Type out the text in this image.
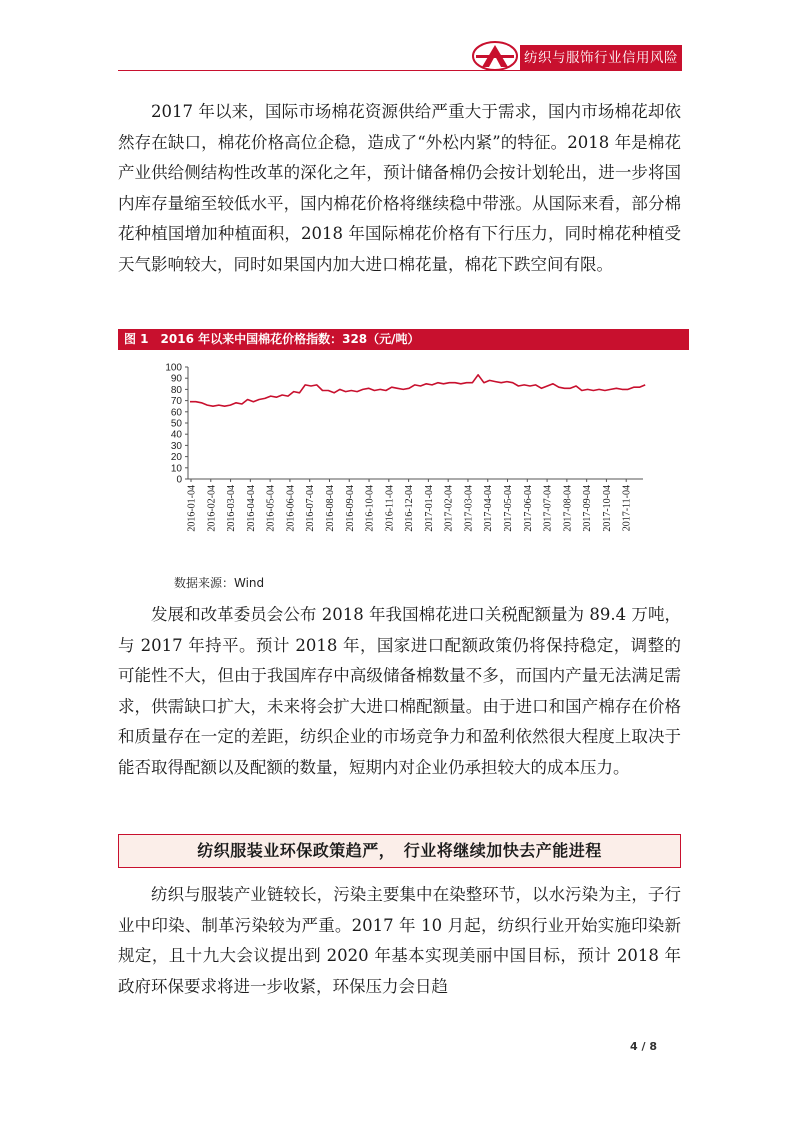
纺织与服饰行业信用风险展望

2017 年以来，国际市场棉花资源供给严重大于需求，国内市场棉花却依然存在缺口，棉花价格高位企稳，造成了“外松内紧”的特征。2018 年是棉花产业供给侧结构性改革的深化之年，预计储备棉仍会按计划轮出，进一步将国内库存量缩至较低水平，国内棉花价格将继续稳中带涨。从国际来看，部分棉花种植国增加种植面积，2018 年国际棉花价格有下行压力，同时棉花种植受天气影响较大，同时如果国内加大进口棉花量，棉花下跌空间有限。

图 1　2016 年以来中国棉花价格指数：328（元/吨）
0
10
20
30
40
50
60
70
80
90
100
2016-01-04 2016-02-04 2016-03-04 2016-04-04 2016-05-04 2016-06-04 2016-07-04 2016-08-04 2016-09-04 2016-10-04 2016-11-04 2016-12-04 2017-01-04 2017-02-04 2017-03-04 2017-04-04 2017-05-04 2017-06-04 2017-07-04 2017-08-04 2017-09-04 2017-10-04 2017-11-04
数据来源：Wind

发展和改革委员会公布 2018 年我国棉花进口关税配额量为 89.4 万吨，与 2017 年持平。预计 2018 年，国家进口配额政策仍将保持稳定，调整的可能性不大，但由于我国库存中高级储备棉数量不多，而国内产量无法满足需求，供需缺口扩大，未来将会扩大进口棉配额量。由于进口和国产棉存在价格和质量存在一定的差距，纺织企业的市场竞争力和盈利依然很大程度上取决于能否取得配额以及配额的数量，短期内对企业仍承担较大的成本压力。

纺织服装业环保政策趋严，　行业将继续加快去产能进程

纺织与服装产业链较长，污染主要集中在染整环节，以水污染为主，子行业中印染、制革污染较为严重。2017 年 10 月起，纺织行业开始实施印染新规定，且十九大会议提出到 2020 年基本实现美丽中国目标，预计 2018 年政府环保要求将进一步收紧，环保压力会日趋

4 / 8
